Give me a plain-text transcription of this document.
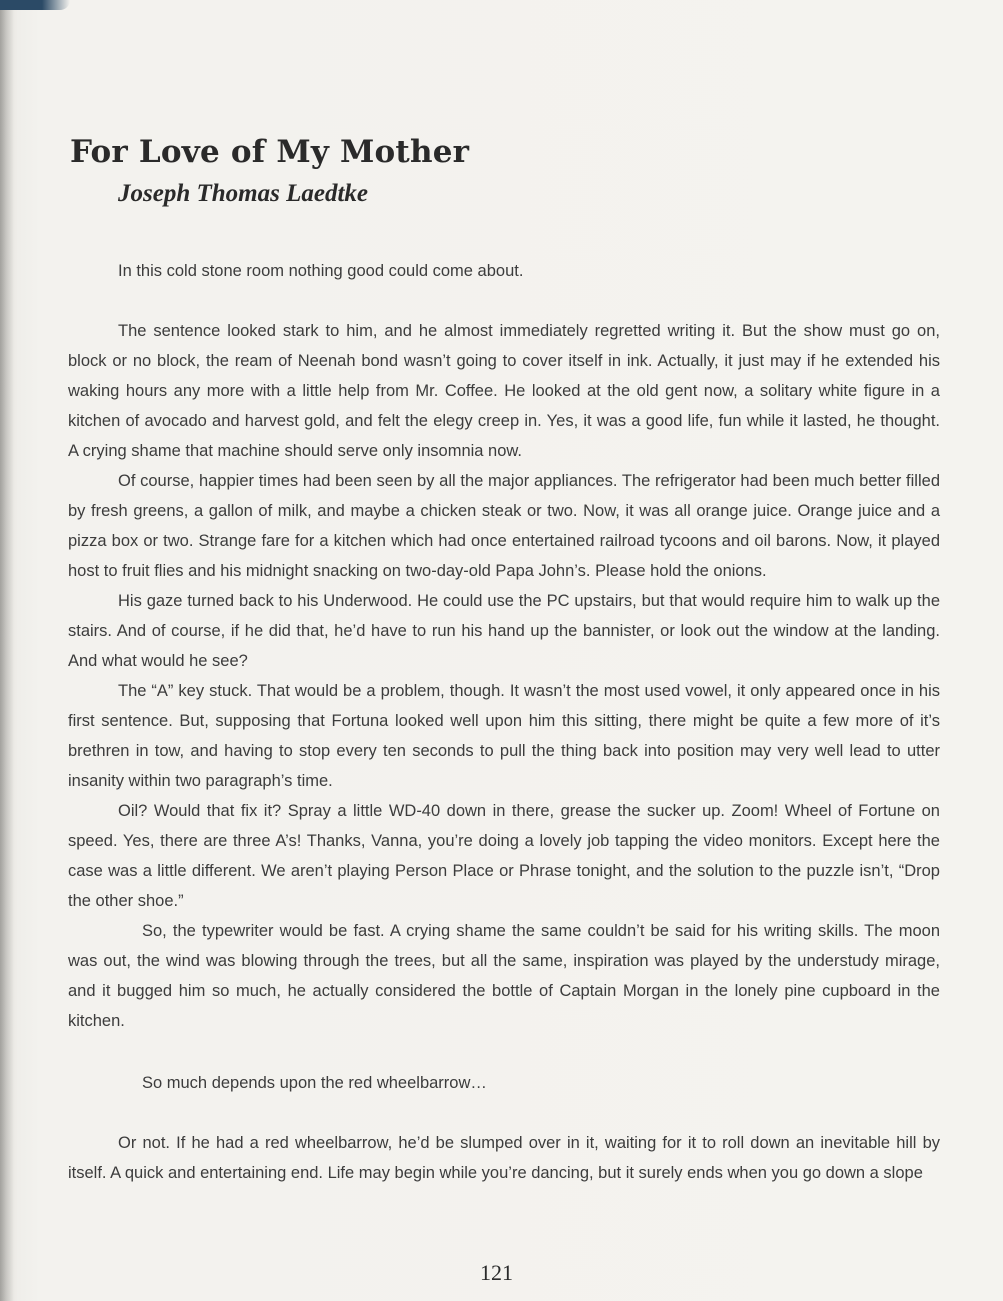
For Love of My Mother
Joseph Thomas Laedtke

In this cold stone room nothing good could come about.

The sentence looked stark to him, and he almost immediately regretted writing it. But the show must go on, block or no block, the ream of Neenah bond wasn’t going to cover itself in ink. Actually, it just may if he extended his waking hours any more with a little help from Mr. Coffee. He looked at the old gent now, a solitary white figure in a kitchen of avocado and harvest gold, and felt the elegy creep in. Yes, it was a good life, fun while it lasted, he thought. A crying shame that machine should serve only insomnia now.

Of course, happier times had been seen by all the major appliances. The refrigerator had been much better filled by fresh greens, a gallon of milk, and maybe a chicken steak or two. Now, it was all orange juice. Orange juice and a pizza box or two. Strange fare for a kitchen which had once entertained railroad tycoons and oil barons. Now, it played host to fruit flies and his midnight snacking on two-day-old Papa John’s. Please hold the onions.

His gaze turned back to his Underwood. He could use the PC upstairs, but that would require him to walk up the stairs. And of course, if he did that, he’d have to run his hand up the bannister, or look out the window at the landing. And what would he see?

The “A” key stuck. That would be a problem, though. It wasn’t the most used vowel, it only appeared once in his first sentence. But, supposing that Fortuna looked well upon him this sitting, there might be quite a few more of it’s brethren in tow, and having to stop every ten seconds to pull the thing back into position may very well lead to utter insanity within two paragraph’s time.

Oil? Would that fix it? Spray a little WD-40 down in there, grease the sucker up. Zoom! Wheel of Fortune on speed. Yes, there are three A’s! Thanks, Vanna, you’re doing a lovely job tapping the video monitors. Except here the case was a little different. We aren’t playing Person Place or Phrase tonight, and the solution to the puzzle isn’t, “Drop the other shoe.”

So, the typewriter would be fast. A crying shame the same couldn’t be said for his writing skills. The moon was out, the wind was blowing through the trees, but all the same, inspiration was played by the understudy mirage, and it bugged him so much, he actually considered the bottle of Captain Morgan in the lonely pine cupboard in the kitchen.

So much depends upon the red wheelbarrow…

Or not. If he had a red wheelbarrow, he’d be slumped over in it, waiting for it to roll down an inevitable hill by itself. A quick and entertaining end. Life may begin while you’re dancing, but it surely ends when you go down a slope

121
